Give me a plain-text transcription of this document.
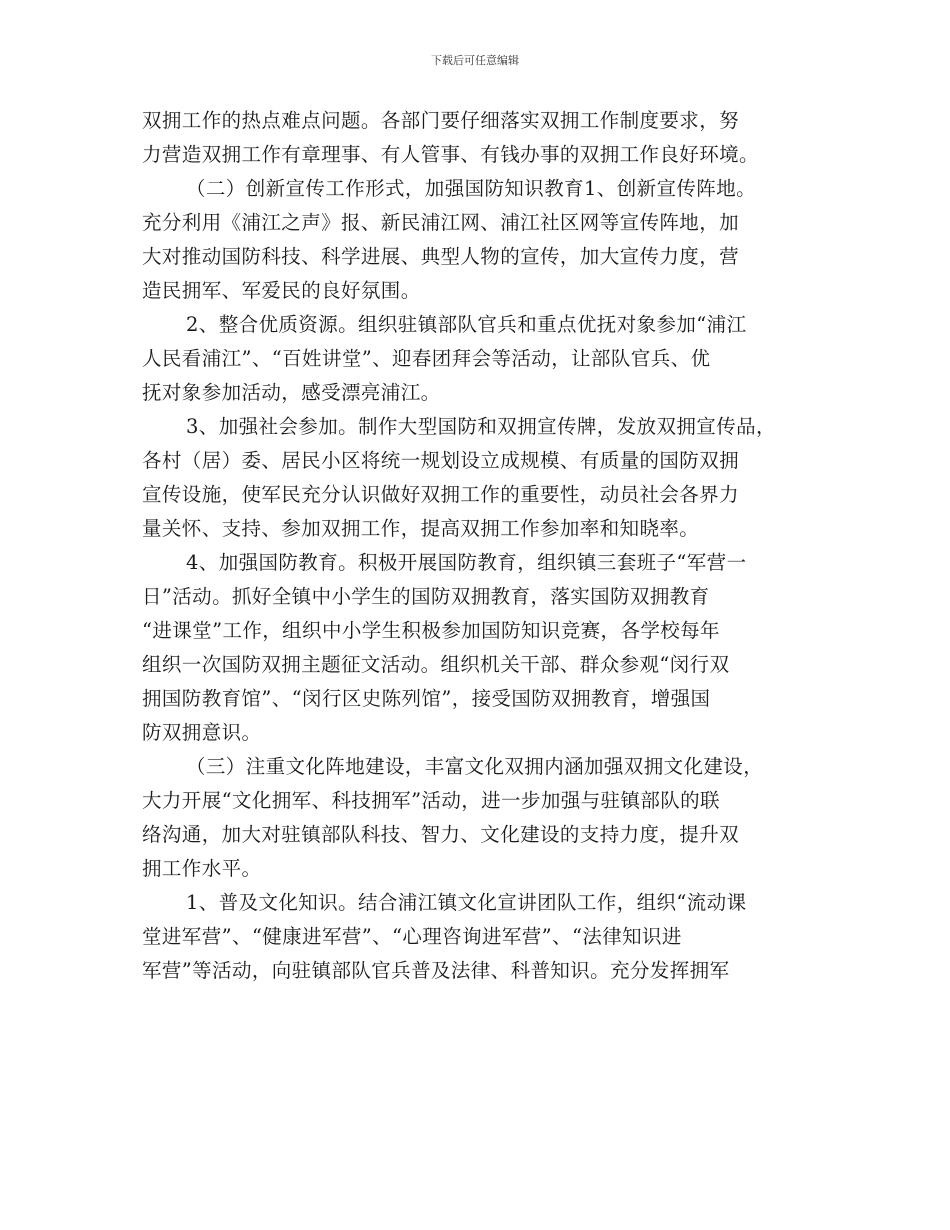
下载后可任意编辑
双拥工作的热点难点问题。各部门要仔细落实双拥工作制度要求，努
力营造双拥工作有章理事、有人管事、有钱办事的双拥工作良好环境。
（二）创新宣传工作形式，加强国防知识教育1、创新宣传阵地。
充分利用《浦江之声》报、新民浦江网、浦江社区网等宣传阵地，加
大对推动国防科技、科学进展、典型人物的宣传，加大宣传力度，营
造民拥军、军爱民的良好氛围。
2、整合优质资源。组织驻镇部队官兵和重点优抚对象参加“浦江
人民看浦江”、“百姓讲堂”、迎春团拜会等活动，让部队官兵、优
抚对象参加活动，感受漂亮浦江。
3、加强社会参加。制作大型国防和双拥宣传牌，发放双拥宣传品，
各村（居）委、居民小区将统一规划设立成规模、有质量的国防双拥
宣传设施，使军民充分认识做好双拥工作的重要性，动员社会各界力
量关怀、支持、参加双拥工作，提高双拥工作参加率和知晓率。
4、加强国防教育。积极开展国防教育，组织镇三套班子“军营一
日”活动。抓好全镇中小学生的国防双拥教育，落实国防双拥教育
“进课堂”工作，组织中小学生积极参加国防知识竞赛，各学校每年
组织一次国防双拥主题征文活动。组织机关干部、群众参观“闵行双
拥国防教育馆”、“闵行区史陈列馆”，接受国防双拥教育，增强国
防双拥意识。
（三）注重文化阵地建设，丰富文化双拥内涵加强双拥文化建设，
大力开展“文化拥军、科技拥军”活动，进一步加强与驻镇部队的联
络沟通，加大对驻镇部队科技、智力、文化建设的支持力度，提升双
拥工作水平。
1、普及文化知识。结合浦江镇文化宣讲团队工作，组织“流动课
堂进军营”、“健康进军营”、“心理咨询进军营”、“法律知识进
军营”等活动，向驻镇部队官兵普及法律、科普知识。充分发挥拥军
